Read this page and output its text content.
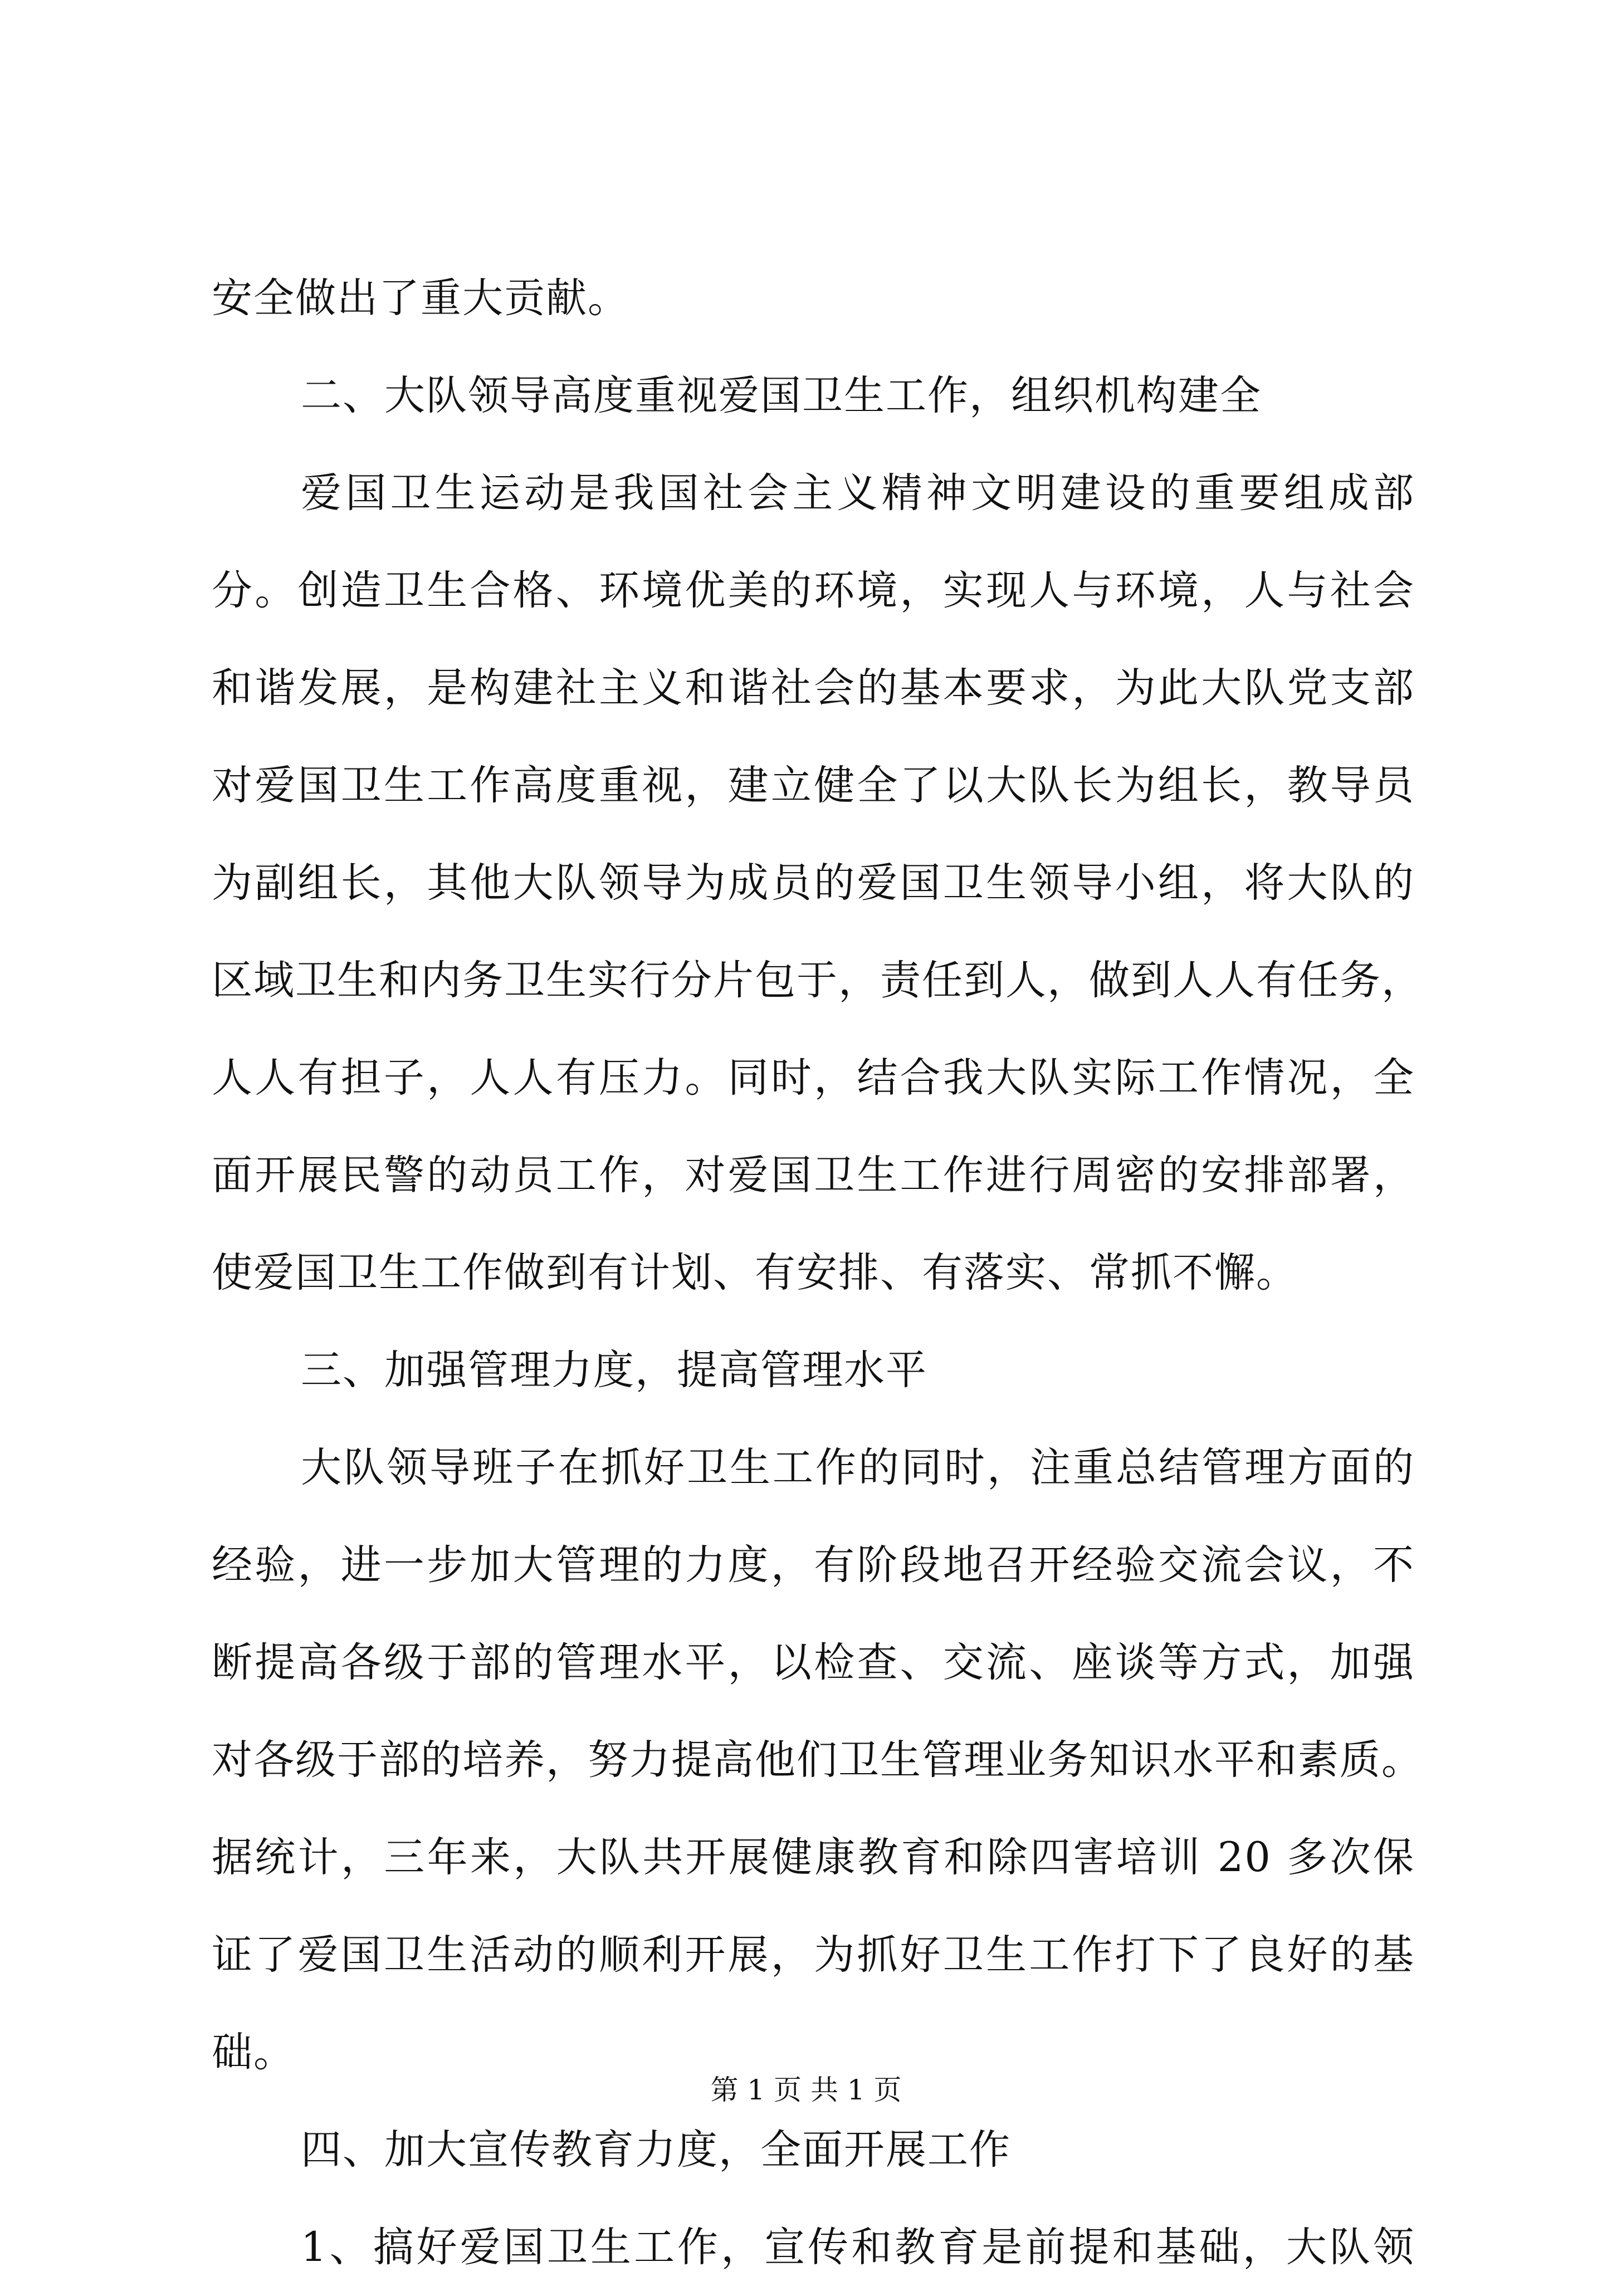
安全做出了重大贡献。
二、大队领导高度重视爱国卫生工作，组织机构建全
爱国卫生运动是我国社会主义精神文明建设的重要组成部
分。创造卫生合格、环境优美的环境，实现人与环境，人与社会
和谐发展，是构建社主义和谐社会的基本要求，为此大队党支部
对爱国卫生工作高度重视，建立健全了以大队长为组长，教导员
为副组长，其他大队领导为成员的爱国卫生领导小组，将大队的
区域卫生和内务卫生实行分片包于，责任到人，做到人人有任务，
人人有担子，人人有压力。同时，结合我大队实际工作情况，全
面开展民警的动员工作，对爱国卫生工作进行周密的安排部署，
使爱国卫生工作做到有计划、有安排、有落实、常抓不懈。
三、加强管理力度，提高管理水平
大队领导班子在抓好卫生工作的同时，注重总结管理方面的
经验，进一步加大管理的力度，有阶段地召开经验交流会议，不
断提高各级于部的管理水平，以检查、交流、座谈等方式，加强
对各级于部的培养，努力提高他们卫生管理业务知识水平和素质。
据统计，三年来，大队共开展健康教育和除四害培训 20 多次保
证了爱国卫生活动的顺利开展，为抓好卫生工作打下了良好的基
础。
四、加大宣传教育力度，全面开展工作
1、搞好爱国卫生工作，宣传和教育是前提和基础，大队领
第 1 页 共 1 页
